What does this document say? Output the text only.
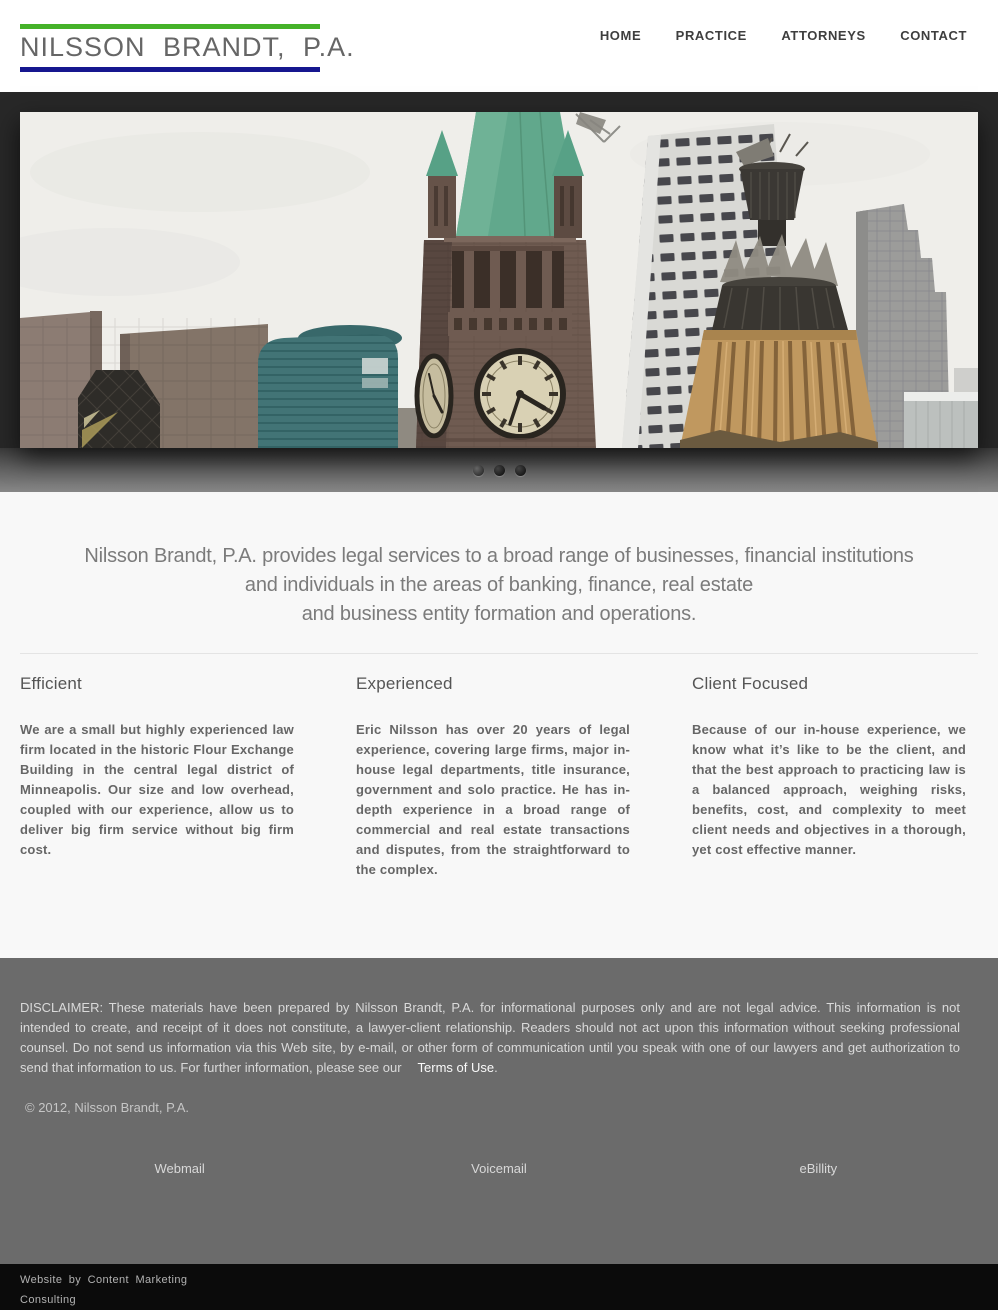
NILSSON BRANDT, P.A.	HOME	PRACTICE	ATTORNEYS	CONTACT
Nilsson Brandt, P.A. provides legal services to a broad range of businesses, financial institutions
and individuals in the areas of banking, finance, real estate
and business entity formation and operations.
Efficient

We are a small but highly experienced law firm located in the historic Flour Exchange Building in the central legal district of Minneapolis. Our size and low overhead, coupled with our experience, allow us to deliver big firm service without big firm cost.

Experienced

Eric Nilsson has over 20 years of legal experience, covering large firms, major in-house legal departments, title insurance, government and solo practice. He has in-depth experience in a broad range of commercial and real estate transactions and disputes, from the straightforward to the complex.

Client Focused

Because of our in-house experience, we know what it’s like to be the client, and that the best approach to practicing law is a balanced approach, weighing risks, benefits, cost, and complexity to meet client needs and objectives in a thorough, yet cost effective manner.

DISCLAIMER: These materials have been prepared by Nilsson Brandt, P.A. for informational purposes only and are not legal advice. This information is not intended to create, and receipt of it does not constitute, a lawyer-client relationship. Readers should not act upon this information without seeking professional counsel. Do not send us information via this Web site, by e-mail, or other form of communication until you speak with one of our lawyers and get authorization to send that information to us. For further information, please see our Terms of Use.

© 2012, Nilsson Brandt, P.A.

Webmail	Voicemail	eBillity
Website by Content Marketing Consulting
